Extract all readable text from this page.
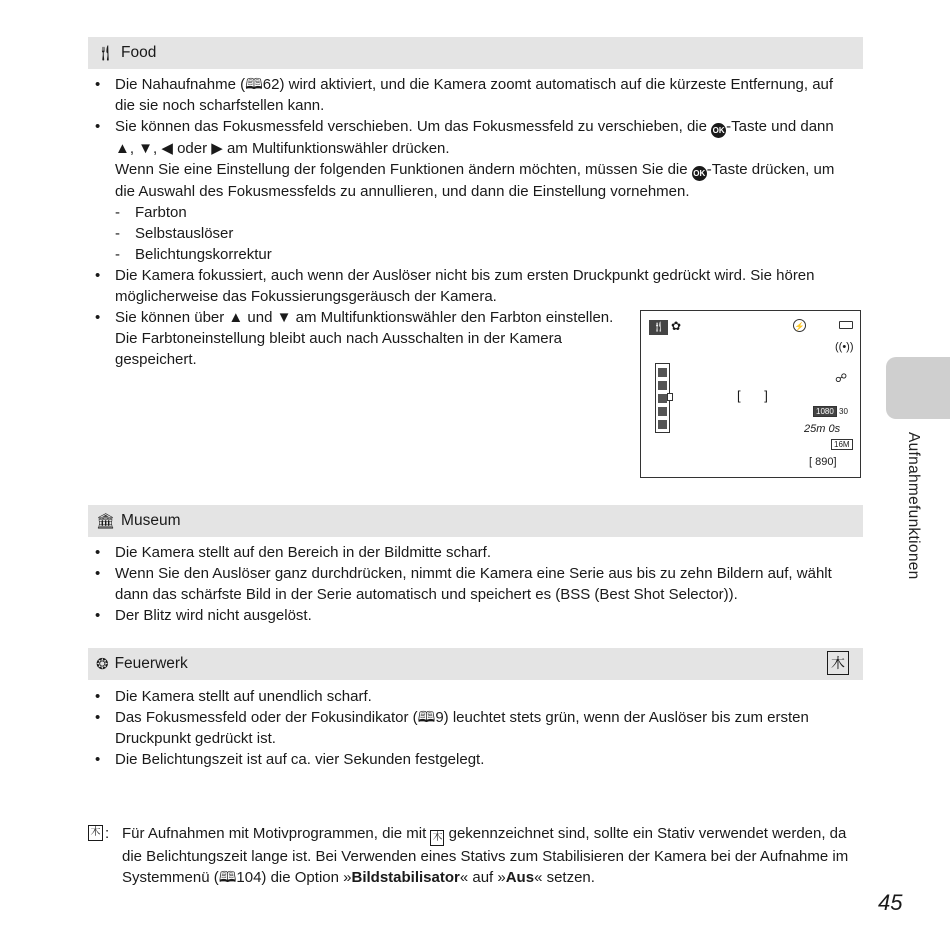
🍴︎ Food
• Die Nahaufnahme (🕮62) wird aktiviert, und die Kamera zoomt automatisch auf die kürzeste Entfernung, auf die sie noch scharfstellen kann.
• Sie können das Fokusmessfeld verschieben. Um das Fokusmessfeld zu verschieben, die OK -Taste und dann ▲, ▼, ◀ oder ▶ am Multifunktionswähler drücken.
Wenn Sie eine Einstellung der folgenden Funktionen ändern möchten, müssen Sie die OK -Taste drücken, um die Auswahl des Fokusmessfelds zu annullieren, und dann die Einstellung vornehmen.
- Farbton
- Selbstauslöser
- Belichtungskorrektur
• Die Kamera fokussiert, auch wenn der Auslöser nicht bis zum ersten Druckpunkt gedrückt wird. Sie hören möglicherweise das Fokussierungsgeräusch der Kamera.
• Sie können über ▲ und ▼ am Multifunktionswähler den Farbton einstellen. Die Farbtoneinstellung bleibt auch nach Ausschalten in der Kamera gespeichert.
🍴︎ ✿	⚡
((•))
☍
[ ]
1080 30
25m 0s
16M
[ 890]
🏛︎ Museum
• Die Kamera stellt auf den Bereich in der Bildmitte scharf.
• Wenn Sie den Auslöser ganz durchdrücken, nimmt die Kamera eine Serie aus bis zu zehn Bildern auf, wählt dann das schärfste Bild in der Serie automatisch und speichert es (BSS (Best Shot Selector)).
• Der Blitz wird nicht ausgelöst.
❂ Feuerwerk	⽊
• Die Kamera stellt auf unendlich scharf.
• Das Fokusmessfeld oder der Fokusindikator (🕮9) leuchtet stets grün, wenn der Auslöser bis zum ersten Druckpunkt gedrückt ist.
• Die Belichtungszeit ist auf ca. vier Sekunden festgelegt.
⽊ : Für Aufnahmen mit Motivprogrammen, die mit ⽊ gekennzeichnet sind, sollte ein Stativ verwendet werden, da die Belichtungszeit lange ist. Bei Verwenden eines Stativs zum Stabilisieren der Kamera bei der Aufnahme im Systemmenü (🕮104) die Option »Bildstabilisator« auf »Aus« setzen.
Aufnahmefunktionen
45
